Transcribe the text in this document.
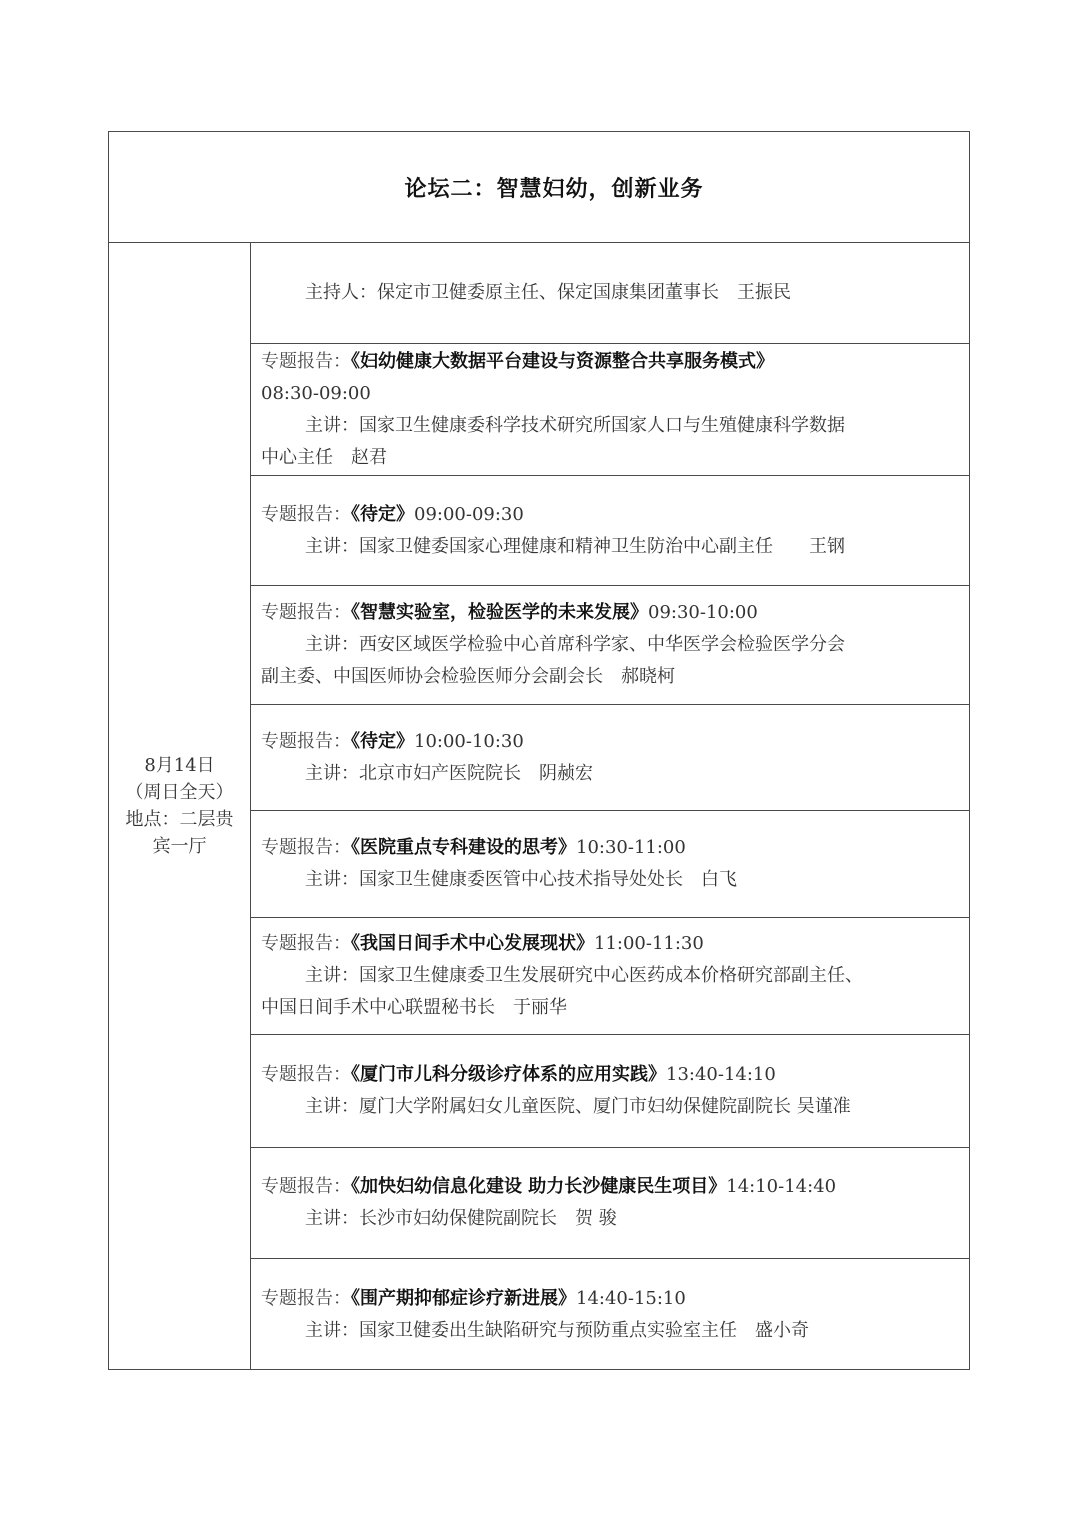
论坛二：智慧妇幼，创新业务
8月14日
（周日全天）
地点：二层贵
宾一厅
主持人：保定市卫健委原主任、保定国康集团董事长　王振民
专题报告：《妇幼健康大数据平台建设与资源整合共享服务模式》
08:30-09:00
主讲：国家卫生健康委科学技术研究所国家人口与生殖健康科学数据
中心主任　赵君
专题报告：《待定》09:00-09:30
主讲：国家卫健委国家心理健康和精神卫生防治中心副主任　　王钢
专题报告：《智慧实验室，检验医学的未来发展》09:30-10:00
主讲：西安区域医学检验中心首席科学家、中华医学会检验医学分会
副主委、中国医师协会检验医师分会副会长　郝晓柯
专题报告：《待定》10:00-10:30
主讲：北京市妇产医院院长　阴赪宏
专题报告：《医院重点专科建设的思考》10:30-11:00
主讲：国家卫生健康委医管中心技术指导处处长　白飞
专题报告：《我国日间手术中心发展现状》11:00-11:30
主讲：国家卫生健康委卫生发展研究中心医药成本价格研究部副主任、
中国日间手术中心联盟秘书长　于丽华
专题报告：《厦门市儿科分级诊疗体系的应用实践》13:40-14:10
主讲：厦门大学附属妇女儿童医院、厦门市妇幼保健院副院长 吴谨准
专题报告：《加快妇幼信息化建设 助力长沙健康民生项目》14:10-14:40
主讲：长沙市妇幼保健院副院长　贺 骏
专题报告：《围产期抑郁症诊疗新进展》14:40-15:10
主讲：国家卫健委出生缺陷研究与预防重点实验室主任　盛小奇
